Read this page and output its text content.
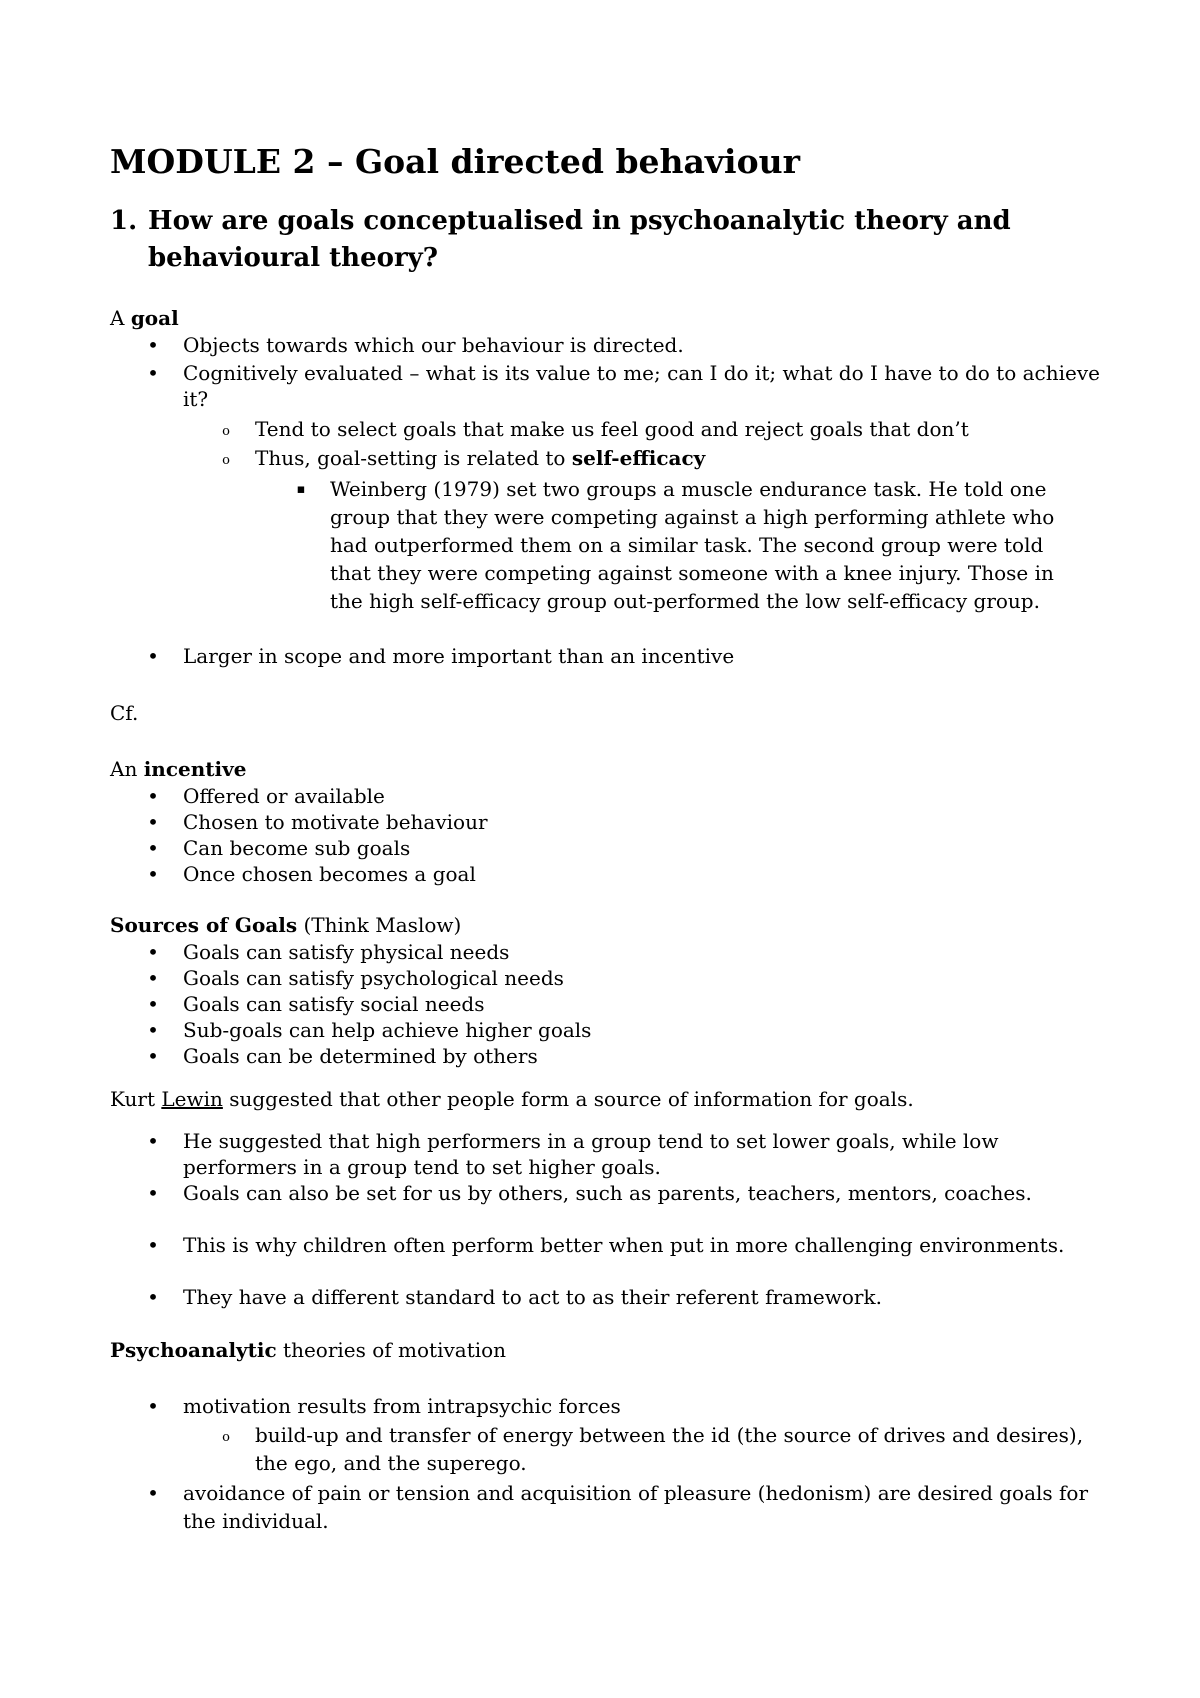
MODULE 2 – Goal directed behaviour
1. How are goals conceptualised in psychoanalytic theory and behavioural theory?
A goal
• Objects towards which our behaviour is directed.
• Cognitively evaluated – what is its value to me; can I do it; what do I have to do to achieve it?
o Tend to select goals that make us feel good and reject goals that don’t
o Thus, goal-setting is related to self-efficacy
▪ Weinberg (1979) set two groups a muscle endurance task. He told one group that they were competing against a high performing athlete who had outperformed them on a similar task. The second group were told that they were competing against someone with a knee injury. Those in the high self-efficacy group out-performed the low self-efficacy group.
• Larger in scope and more important than an incentive
Cf.
An incentive
• Offered or available
• Chosen to motivate behaviour
• Can become sub goals
• Once chosen becomes a goal
Sources of Goals (Think Maslow)
• Goals can satisfy physical needs
• Goals can satisfy psychological needs
• Goals can satisfy social needs
• Sub-goals can help achieve higher goals
• Goals can be determined by others
Kurt Lewin suggested that other people form a source of information for goals.
• He suggested that high performers in a group tend to set lower goals, while low performers in a group tend to set higher goals.
• Goals can also be set for us by others, such as parents, teachers, mentors, coaches.
• This is why children often perform better when put in more challenging environments.
• They have a different standard to act to as their referent framework.
Psychoanalytic theories of motivation
• motivation results from intrapsychic forces
o build-up and transfer of energy between the id (the source of drives and desires), the ego, and the superego.
• avoidance of pain or tension and acquisition of pleasure (hedonism) are desired goals for the individual.
